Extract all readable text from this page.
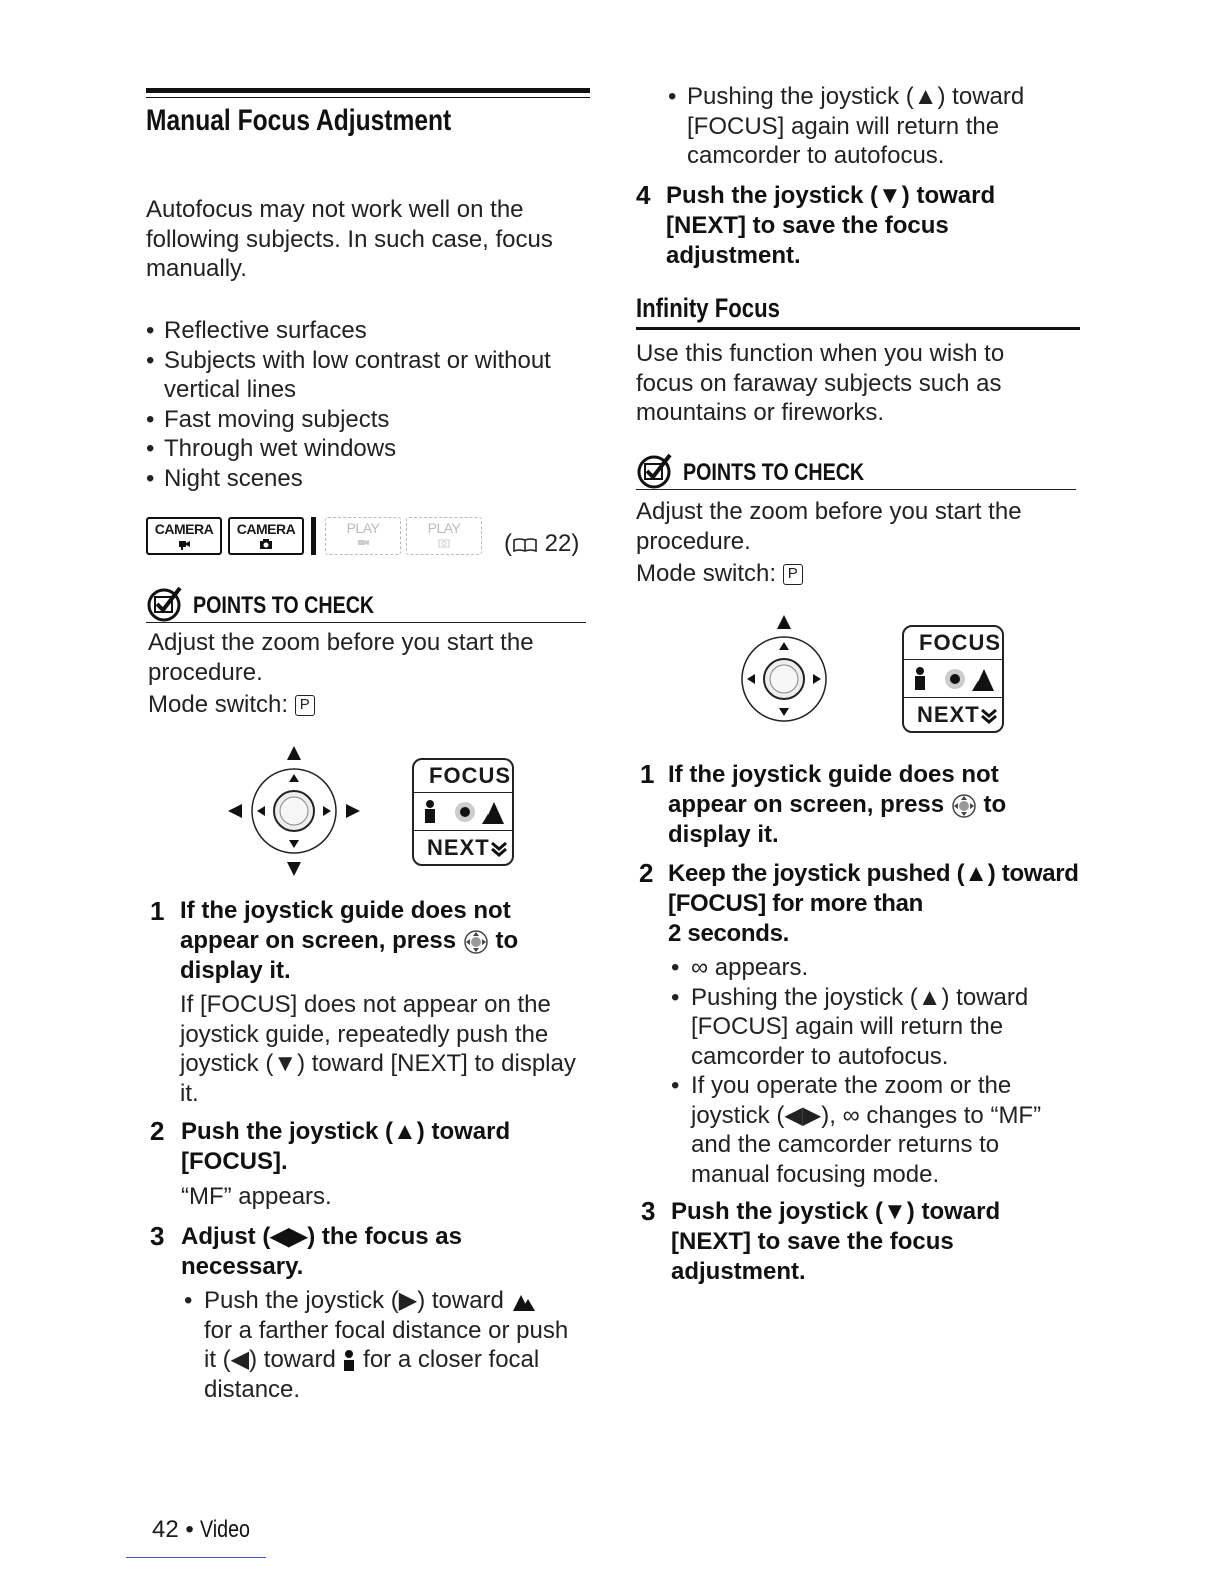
Manual Focus Adjustment
Autofocus may not work well on the
following subjects. In such case, focus
manually.
• Reflective surfaces
• Subjects with low contrast or without
vertical lines
• Fast moving subjects
• Through wet windows
• Night scenes
CAMERA	CAMERA	PLAY	PLAY
( 22)
POINTS TO CHECK
Adjust the zoom before you start the
procedure.
Mode switch: P
FOCUS
NEXT
1 If the joystick guide does not
appear on screen, press to
display it.
If [FOCUS] does not appear on the
joystick guide, repeatedly push the
joystick (▼) toward [NEXT] to display
it.
2 Push the joystick (▲) toward
[FOCUS].
“MF” appears.
3 Adjust (◀▶) the focus as
necessary.
• Push the joystick (▶) toward
for a farther focal distance or push
it (◀) toward for a closer focal
distance.
42 • Video
• Pushing the joystick (▲) toward
[FOCUS] again will return the
camcorder to autofocus.
4 Push the joystick (▼) toward
[NEXT] to save the focus
adjustment.
Infinity Focus
Use this function when you wish to
focus on faraway subjects such as
mountains or fireworks.
POINTS TO CHECK
Adjust the zoom before you start the
procedure.
Mode switch: P
FOCUS
NEXT
1 If the joystick guide does not
appear on screen, press to
display it.
2 Keep the joystick pushed (▲) toward
[FOCUS] for more than
2 seconds.
• ∞ appears.
• Pushing the joystick (▲) toward
[FOCUS] again will return the
camcorder to autofocus.
• If you operate the zoom or the
joystick (◀▶), ∞ changes to “MF”
and the camcorder returns to
manual focusing mode.
3 Push the joystick (▼) toward
[NEXT] to save the focus
adjustment.
